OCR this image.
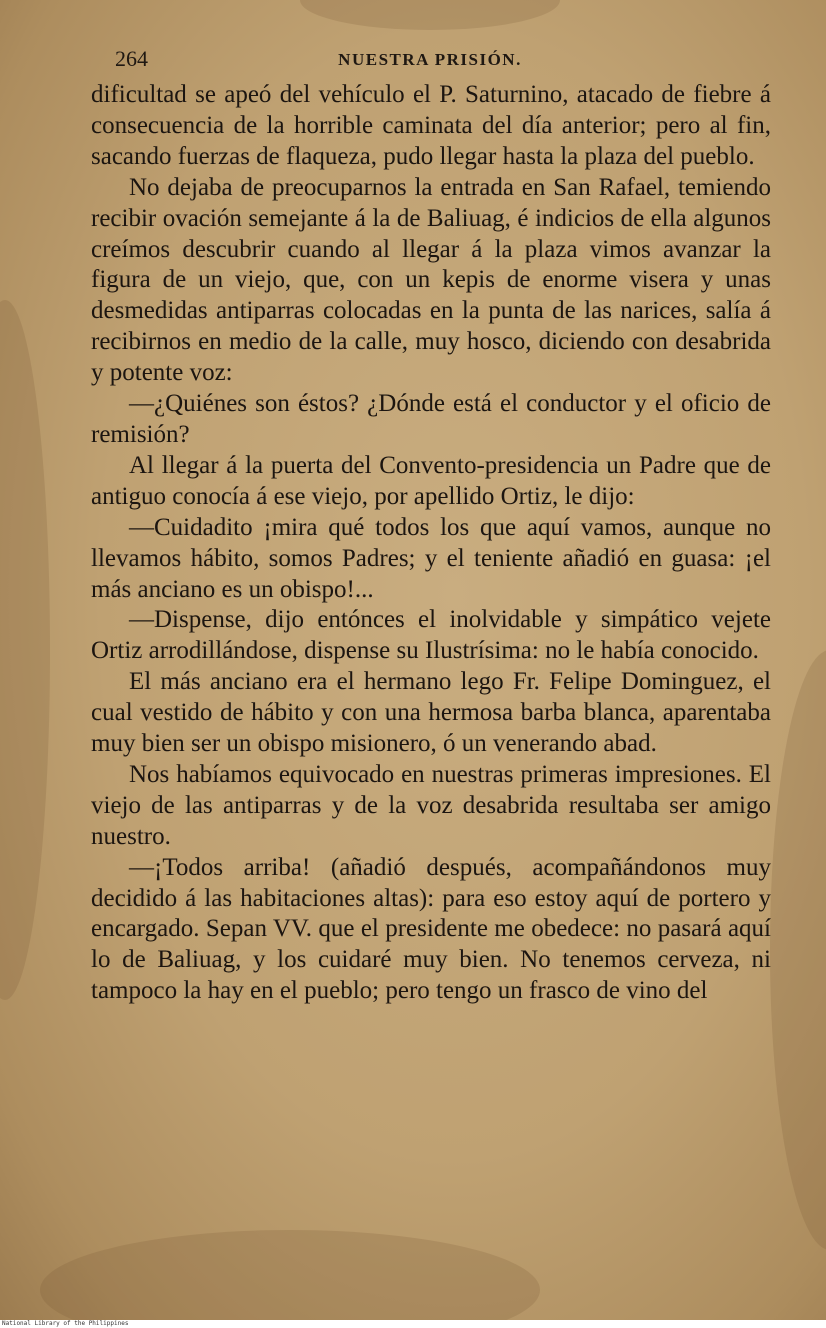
264	NUESTRA PRISIÓN.

dificultad se apeó del vehículo el P. Saturnino, atacado de fiebre á consecuencia de la horrible caminata del día anterior; pero al fin, sacando fuerzas de flaqueza, pudo llegar hasta la plaza del pueblo.

No dejaba de preocuparnos la entrada en San Rafael, temiendo recibir ovación semejante á la de Baliuag, é indicios de ella algunos creímos descubrir cuando al llegar á la plaza vimos avanzar la figura de un viejo, que, con un kepis de enorme visera y unas desmedidas antiparras colocadas en la punta de las narices, salía á recibirnos en medio de la calle, muy hosco, diciendo con desabrida y potente voz:

—¿Quiénes son éstos? ¿Dónde está el conductor y el oficio de remisión?

Al llegar á la puerta del Convento-presidencia un Padre que de antiguo conocía á ese viejo, por apellido Ortiz, le dijo:

—Cuidadito ¡mira qué todos los que aquí vamos, aunque no llevamos hábito, somos Padres; y el teniente añadió en guasa: ¡el más anciano es un obispo!...

—Dispense, dijo entónces el inolvidable y simpático vejete Ortiz arrodillándose, dispense su Ilustrísima: no le había conocido.

El más anciano era el hermano lego Fr. Felipe Dominguez, el cual vestido de hábito y con una hermosa barba blanca, aparentaba muy bien ser un obispo misionero, ó un venerando abad.

Nos habíamos equivocado en nuestras primeras impresiones. El viejo de las antiparras y de la voz desabrida resultaba ser amigo nuestro.

—¡Todos arriba! (añadió después, acompañándonos muy decidido á las habitaciones altas): para eso estoy aquí de portero y encargado. Sepan VV. que el presidente me obedece: no pasará aquí lo de Baliuag, y los cuidaré muy bien. No tenemos cerveza, ni tampoco la hay en el pueblo; pero tengo un frasco de vino del

National Library of the Philippines
